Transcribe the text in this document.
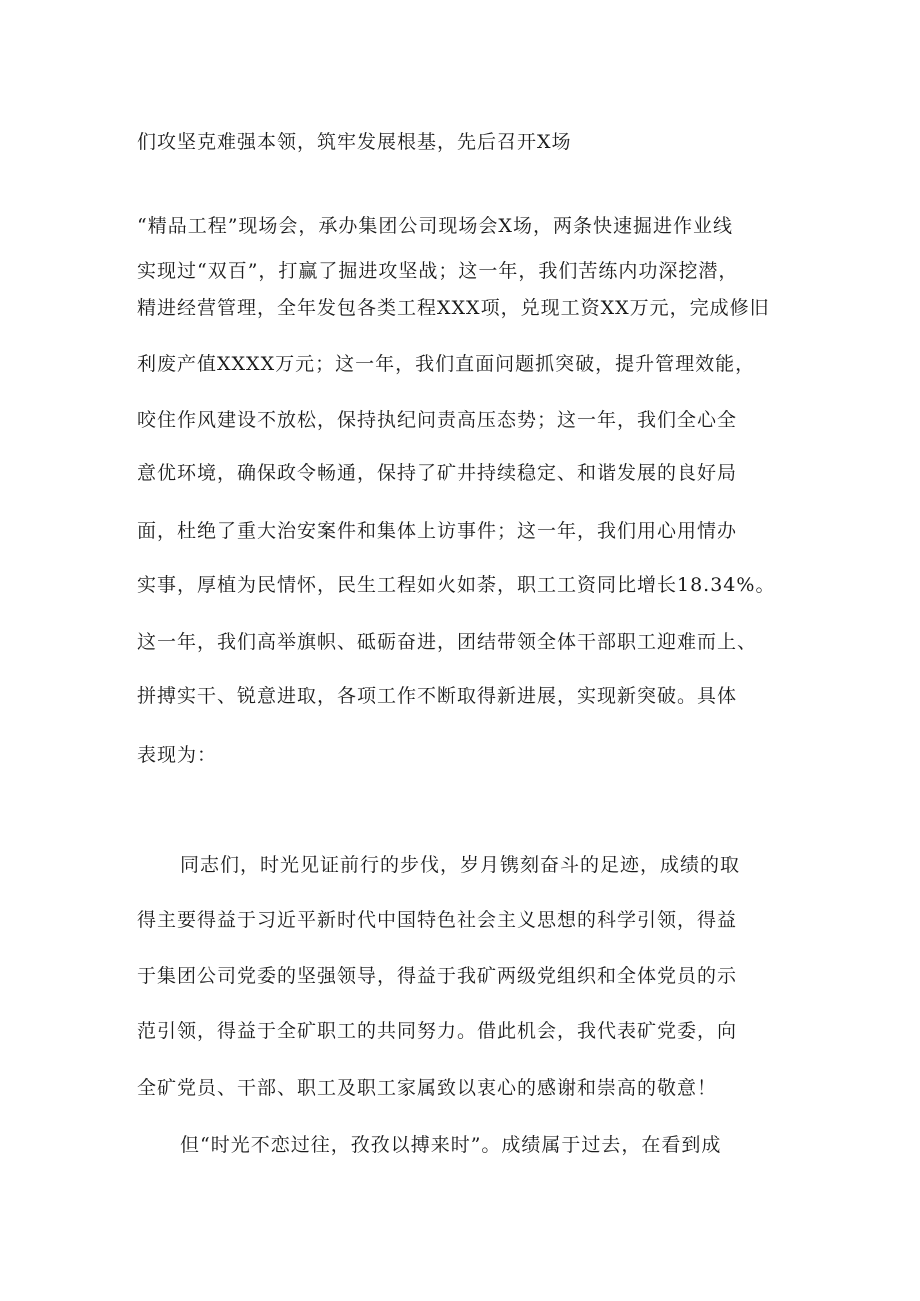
们攻坚克难强本领，筑牢发展根基，先后召开X场
“精品工程”现场会，承办集团公司现场会X场，两条快速掘进作业线
实现过“双百”，打赢了掘进攻坚战；这一年，我们苦练内功深挖潜，
精进经营管理，全年发包各类工程XXX项，兑现工资XX万元，完成修旧
利废产值XXXX万元；这一年，我们直面问题抓突破，提升管理效能，
咬住作风建设不放松，保持执纪问责高压态势；这一年，我们全心全
意优环境，确保政令畅通，保持了矿井持续稳定、和谐发展的良好局
面，杜绝了重大治安案件和集体上访事件；这一年，我们用心用情办
实事，厚植为民情怀，民生工程如火如荼，职工工资同比增长18.34%。
这一年，我们高举旗帜、砥砺奋进，团结带领全体干部职工迎难而上、
拼搏实干、锐意进取，各项工作不断取得新进展，实现新突破。具体
表现为：
同志们，时光见证前行的步伐，岁月镌刻奋斗的足迹，成绩的取
得主要得益于习近平新时代中国特色社会主义思想的科学引领，得益
于集团公司党委的坚强领导，得益于我矿两级党组织和全体党员的示
范引领，得益于全矿职工的共同努力。借此机会，我代表矿党委，向
全矿党员、干部、职工及职工家属致以衷心的感谢和崇高的敬意！
但“时光不恋过往，孜孜以搏来时”。成绩属于过去，在看到成
